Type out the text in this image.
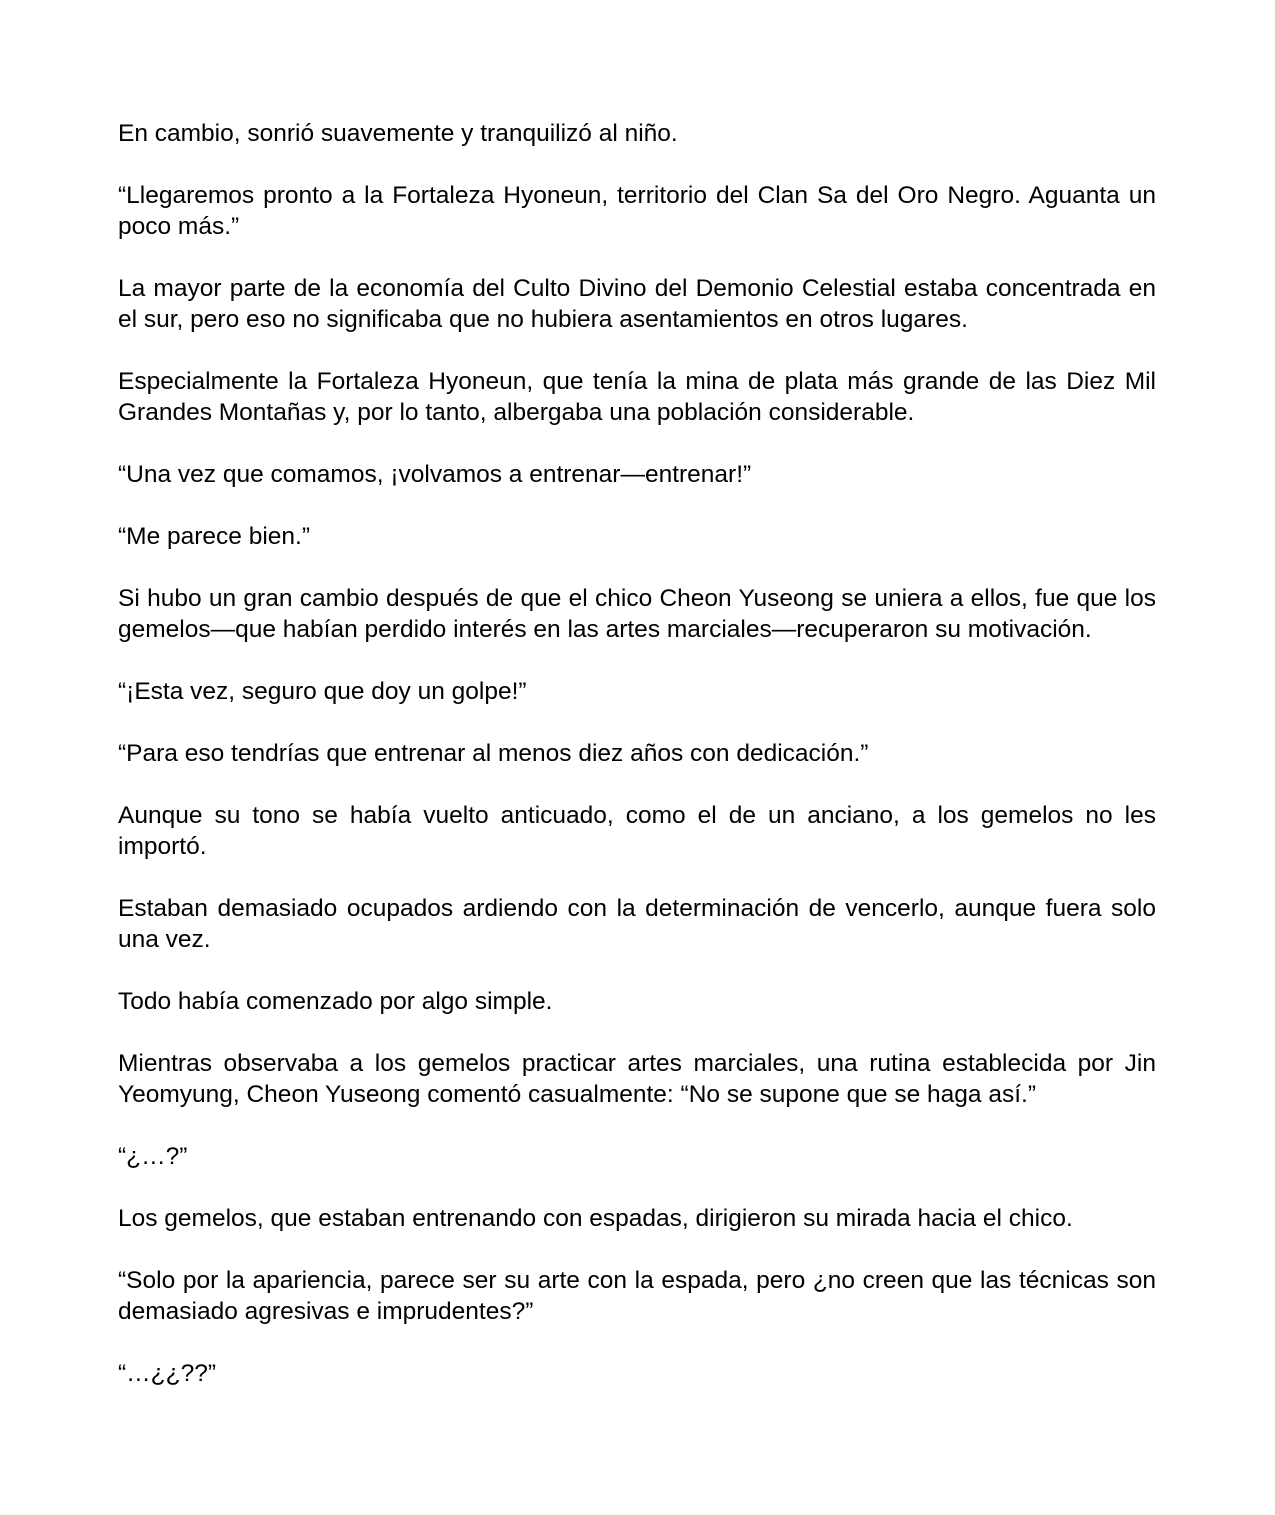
En cambio, sonrió suavemente y tranquilizó al niño.

“Llegaremos pronto a la Fortaleza Hyoneun, territorio del Clan Sa del Oro Negro. Aguanta un poco más.”

La mayor parte de la economía del Culto Divino del Demonio Celestial estaba concentrada en el sur, pero eso no significaba que no hubiera asentamientos en otros lugares.

Especialmente la Fortaleza Hyoneun, que tenía la mina de plata más grande de las Diez Mil Grandes Montañas y, por lo tanto, albergaba una población considerable.

“Una vez que comamos, ¡volvamos a entrenar—entrenar!”

“Me parece bien.”

Si hubo un gran cambio después de que el chico Cheon Yuseong se uniera a ellos, fue que los gemelos—que habían perdido interés en las artes marciales—recuperaron su motivación.

“¡Esta vez, seguro que doy un golpe!”

“Para eso tendrías que entrenar al menos diez años con dedicación.”

Aunque su tono se había vuelto anticuado, como el de un anciano, a los gemelos no les importó.

Estaban demasiado ocupados ardiendo con la determinación de vencerlo, aunque fuera solo una vez.

Todo había comenzado por algo simple.

Mientras observaba a los gemelos practicar artes marciales, una rutina establecida por Jin Yeomyung, Cheon Yuseong comentó casualmente: “No se supone que se haga así.”

“¿…?”

Los gemelos, que estaban entrenando con espadas, dirigieron su mirada hacia el chico.

“Solo por la apariencia, parece ser su arte con la espada, pero ¿no creen que las técnicas son demasiado agresivas e imprudentes?”

“…¿¿??”
